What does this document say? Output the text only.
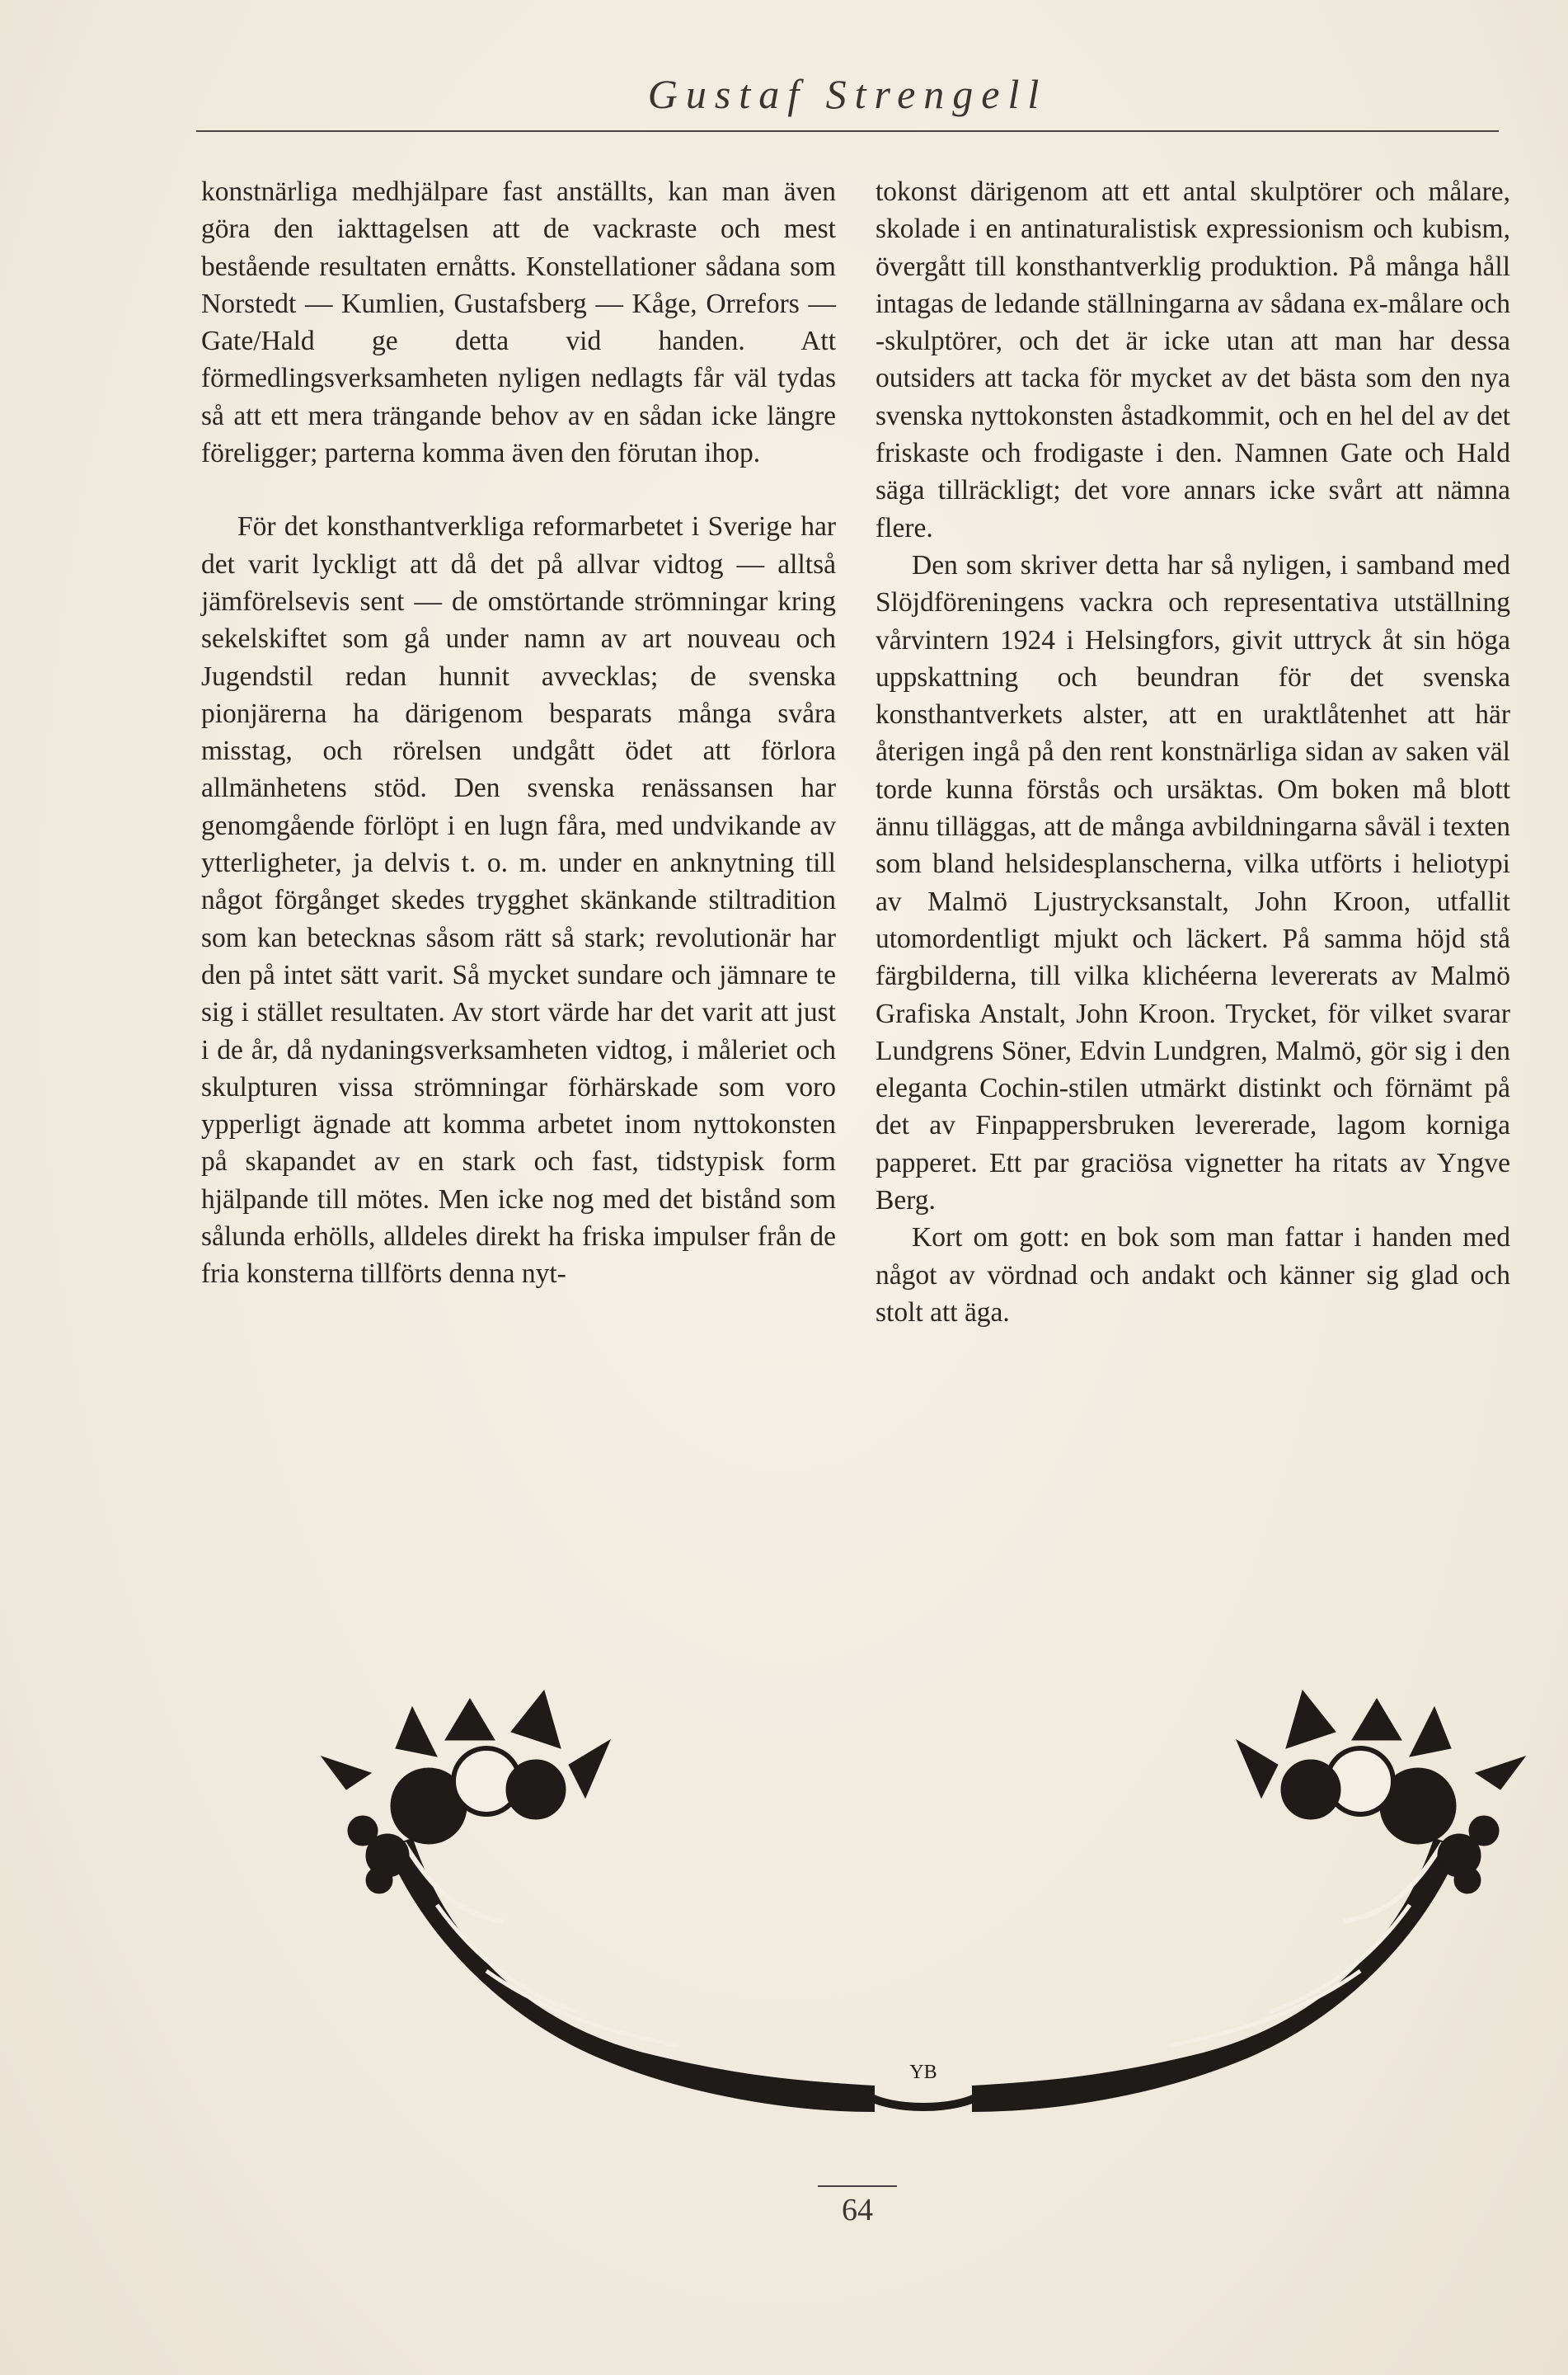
Gustaf Strengell

konstnärliga medhjälpare fast anställts, kan man även göra den iakttagelsen att de vackraste och mest bestående resultaten ernåtts. Konstellationer sådana som Norstedt — Kumlien, Gustafsberg — Kåge, Orrefors — Gate/Hald ge detta vid handen. Att förmedlingsverksamheten nyligen nedlagts får väl tydas så att ett mera trängande behov av en sådan icke längre föreligger; parterna komma även den förutan ihop.

För det konsthantverkliga reformarbetet i Sverige har det varit lyckligt att då det på allvar vidtog — alltså jämförelsevis sent — de omstörtande strömningar kring sekelskiftet som gå under namn av art nouveau och Jugendstil redan hunnit avvecklas; de svenska pionjärerna ha därigenom besparats många svåra misstag, och rörelsen undgått ödet att förlora allmänhetens stöd. Den svenska renässansen har genomgående förlöpt i en lugn fåra, med undvikande av ytterligheter, ja delvis t. o. m. under en anknytning till något förgånget skedes trygghet skänkande stiltradition som kan betecknas såsom rätt så stark; revolutionär har den på intet sätt varit. Så mycket sundare och jämnare te sig i stället resultaten. Av stort värde har det varit att just i de år, då nydaningsverksamheten vidtog, i måleriet och skulpturen vissa strömningar förhärskade som voro ypperligt ägnade att komma arbetet inom nyttokonsten på skapandet av en stark och fast, tidstypisk form hjälpande till mötes. Men icke nog med det bistånd som sålunda erhölls, alldeles direkt ha friska impulser från de fria konsterna tillförts denna nyt-

tokonst därigenom att ett antal skulptörer och målare, skolade i en antinaturalistisk expressionism och kubism, övergått till konsthantverklig produktion. På många håll intagas de ledande ställningarna av sådana ex-målare och -skulptörer, och det är icke utan att man har dessa outsiders att tacka för mycket av det bästa som den nya svenska nyttokonsten åstadkommit, och en hel del av det friskaste och frodigaste i den. Namnen Gate och Hald säga tillräckligt; det vore annars icke svårt att nämna flere.

Den som skriver detta har så nyligen, i samband med Slöjdföreningens vackra och representativa utställning vårvintern 1924 i Helsingfors, givit uttryck åt sin höga uppskattning och beundran för det svenska konsthantverkets alster, att en uraktlåtenhet att här återigen ingå på den rent konstnärliga sidan av saken väl torde kunna förstås och ursäktas. Om boken må blott ännu tilläggas, att de många avbildningarna såväl i texten som bland helsidesplanscherna, vilka utförts i heliotypi av Malmö Ljustrycksanstalt, John Kroon, utfallit utomordentligt mjukt och läckert. På samma höjd stå färgbilderna, till vilka klichéerna levererats av Malmö Grafiska Anstalt, John Kroon. Trycket, för vilket svarar Lundgrens Söner, Edvin Lundgren, Malmö, gör sig i den eleganta Cochin-stilen utmärkt distinkt och förnämt på det av Finpappersbruken levererade, lagom korniga papperet. Ett par graciösa vignetter ha ritats av Yngve Berg.

Kort om gott: en bok som man fattar i handen med något av vördnad och andakt och känner sig glad och stolt att äga.

YB
64
